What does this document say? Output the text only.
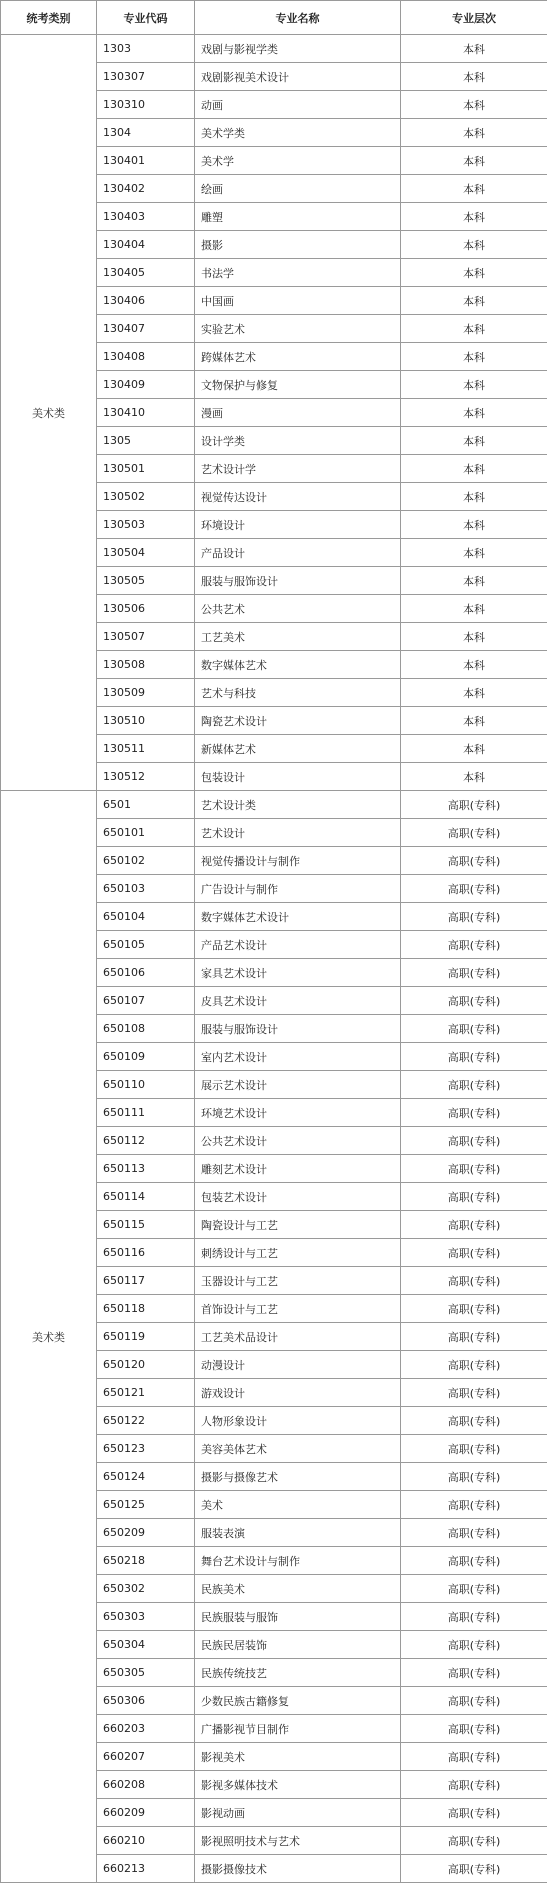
统考类别	专业代码	专业名称	专业层次
美术类	1303	戏剧与影视学类	本科
	130307	戏剧影视美术设计	本科
	130310	动画	本科
	1304	美术学类	本科
	130401	美术学	本科
	130402	绘画	本科
	130403	雕塑	本科
	130404	摄影	本科
	130405	书法学	本科
	130406	中国画	本科
	130407	实验艺术	本科
	130408	跨媒体艺术	本科
	130409	文物保护与修复	本科
	130410	漫画	本科
	1305	设计学类	本科
	130501	艺术设计学	本科
	130502	视觉传达设计	本科
	130503	环境设计	本科
	130504	产品设计	本科
	130505	服装与服饰设计	本科
	130506	公共艺术	本科
	130507	工艺美术	本科
	130508	数字媒体艺术	本科
	130509	艺术与科技	本科
	130510	陶瓷艺术设计	本科
	130511	新媒体艺术	本科
	130512	包装设计	本科
美术类	6501	艺术设计类	高职(专科)
	650101	艺术设计	高职(专科)
	650102	视觉传播设计与制作	高职(专科)
	650103	广告设计与制作	高职(专科)
	650104	数字媒体艺术设计	高职(专科)
	650105	产品艺术设计	高职(专科)
	650106	家具艺术设计	高职(专科)
	650107	皮具艺术设计	高职(专科)
	650108	服装与服饰设计	高职(专科)
	650109	室内艺术设计	高职(专科)
	650110	展示艺术设计	高职(专科)
	650111	环境艺术设计	高职(专科)
	650112	公共艺术设计	高职(专科)
	650113	雕刻艺术设计	高职(专科)
	650114	包装艺术设计	高职(专科)
	650115	陶瓷设计与工艺	高职(专科)
	650116	刺绣设计与工艺	高职(专科)
	650117	玉器设计与工艺	高职(专科)
	650118	首饰设计与工艺	高职(专科)
	650119	工艺美术品设计	高职(专科)
	650120	动漫设计	高职(专科)
	650121	游戏设计	高职(专科)
	650122	人物形象设计	高职(专科)
	650123	美容美体艺术	高职(专科)
	650124	摄影与摄像艺术	高职(专科)
	650125	美术	高职(专科)
	650209	服装表演	高职(专科)
	650218	舞台艺术设计与制作	高职(专科)
	650302	民族美术	高职(专科)
	650303	民族服装与服饰	高职(专科)
	650304	民族民居装饰	高职(专科)
	650305	民族传统技艺	高职(专科)
	650306	少数民族古籍修复	高职(专科)
	660203	广播影视节目制作	高职(专科)
	660207	影视美术	高职(专科)
	660208	影视多媒体技术	高职(专科)
	660209	影视动画	高职(专科)
	660210	影视照明技术与艺术	高职(专科)
	660213	摄影摄像技术	高职(专科)
